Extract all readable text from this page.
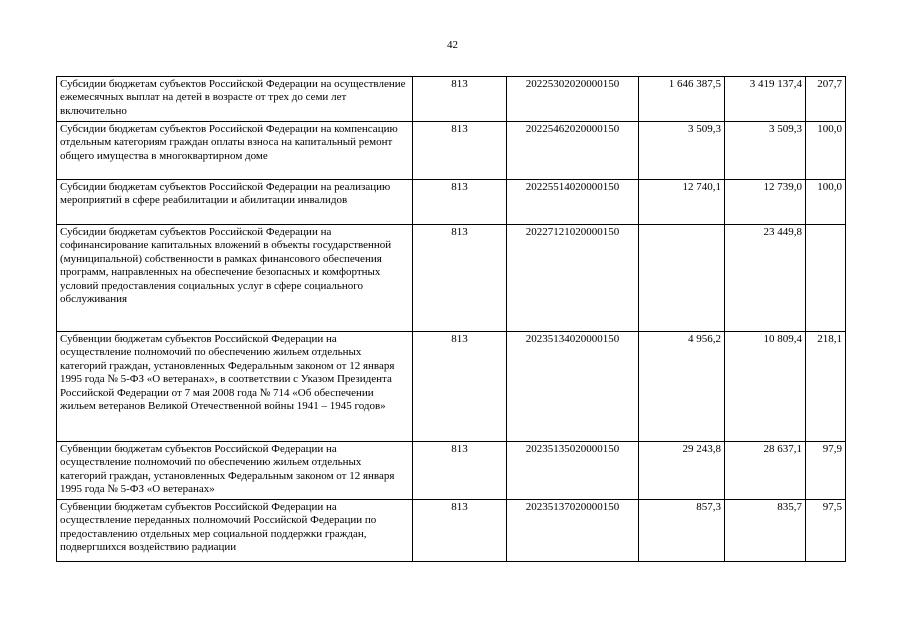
42
Субсидии бюджетам субъектов Российской Федерации на осуществление ежемесячных выплат на детей в возрасте от трех до семи лет включительно	813	20225302020000150	1 646 387,5	3 419 137,4	207,7
Субсидии бюджетам субъектов Российской Федерации на компенсацию отдельным категориям граждан оплаты взноса на капитальный ремонт общего имущества в многоквартирном доме	813	20225462020000150	3 509,3	3 509,3	100,0
Субсидии бюджетам субъектов Российской Федерации на реализацию мероприятий в сфере реабилитации и абилитации инвалидов	813	20225514020000150	12 740,1	12 739,0	100,0
Субсидии бюджетам субъектов Российской Федерации на софинансирование капитальных вложений в объекты государственной (муниципальной) собственности в рамках финансового обеспечения программ, направленных на обеспечение безопасных и комфортных условий предоставления социальных услуг в сфере социального обслуживания	813	20227121020000150		23 449,8	
Субвенции бюджетам субъектов Российской Федерации на осуществление полномочий по обеспечению жильем отдельных категорий граждан, установленных Федеральным законом от 12 января 1995 года № 5-ФЗ «О ветеранах», в соответствии с Указом Президента Российской Федерации от 7 мая 2008 года № 714 «Об обеспечении жильем ветеранов Великой Отечественной войны 1941 – 1945 годов»	813	20235134020000150	4 956,2	10 809,4	218,1
Субвенции бюджетам субъектов Российской Федерации на осуществление полномочий по обеспечению жильем отдельных категорий граждан, установленных Федеральным законом от 12 января 1995 года № 5-ФЗ «О ветеранах»	813	20235135020000150	29 243,8	28 637,1	97,9
Субвенции бюджетам субъектов Российской Федерации на осуществление переданных полномочий Российской Федерации по предоставлению отдельных мер социальной поддержки граждан, подвергшихся воздействию радиации	813	20235137020000150	857,3	835,7	97,5
